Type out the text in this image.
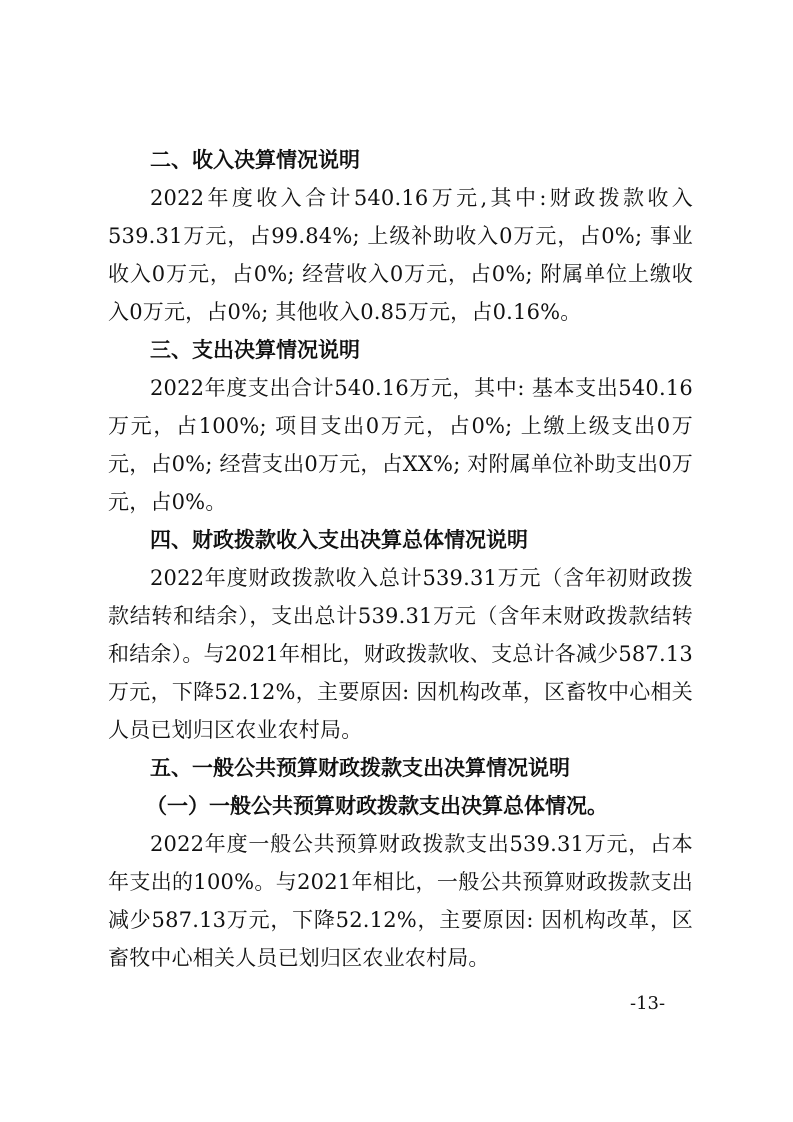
二、收入决算情况说明

2022年度收入合计540.16万元,其中:财政拨款收入539.31万元，占99.84%; 上级补助收入0万元，占0%; 事业收入0万元，占0%; 经营收入0万元，占0%; 附属单位上缴收入0万元，占0%; 其他收入0.85万元，占0.16%。

三、支出决算情况说明

2022年度支出合计540.16万元，其中: 基本支出540.16万元，占100%; 项目支出0万元，占0%; 上缴上级支出0万元，占0%; 经营支出0万元，占XX%; 对附属单位补助支出0万元，占0%。

四、财政拨款收入支出决算总体情况说明

2022年度财政拨款收入总计539.31万元（含年初财政拨款结转和结余），支出总计539.31万元（含年末财政拨款结转和结余）。与2021年相比，财政拨款收、支总计各减少587.13万元，下降52.12%，主要原因: 因机构改革，区畜牧中心相关人员已划归区农业农村局。

五、一般公共预算财政拨款支出决算情况说明
（一）一般公共预算财政拨款支出决算总体情况。

2022年度一般公共预算财政拨款支出539.31万元，占本年支出的100%。与2021年相比，一般公共预算财政拨款支出减少587.13万元，下降52.12%，主要原因: 因机构改革，区畜牧中心相关人员已划归区农业农村局。

-13-
